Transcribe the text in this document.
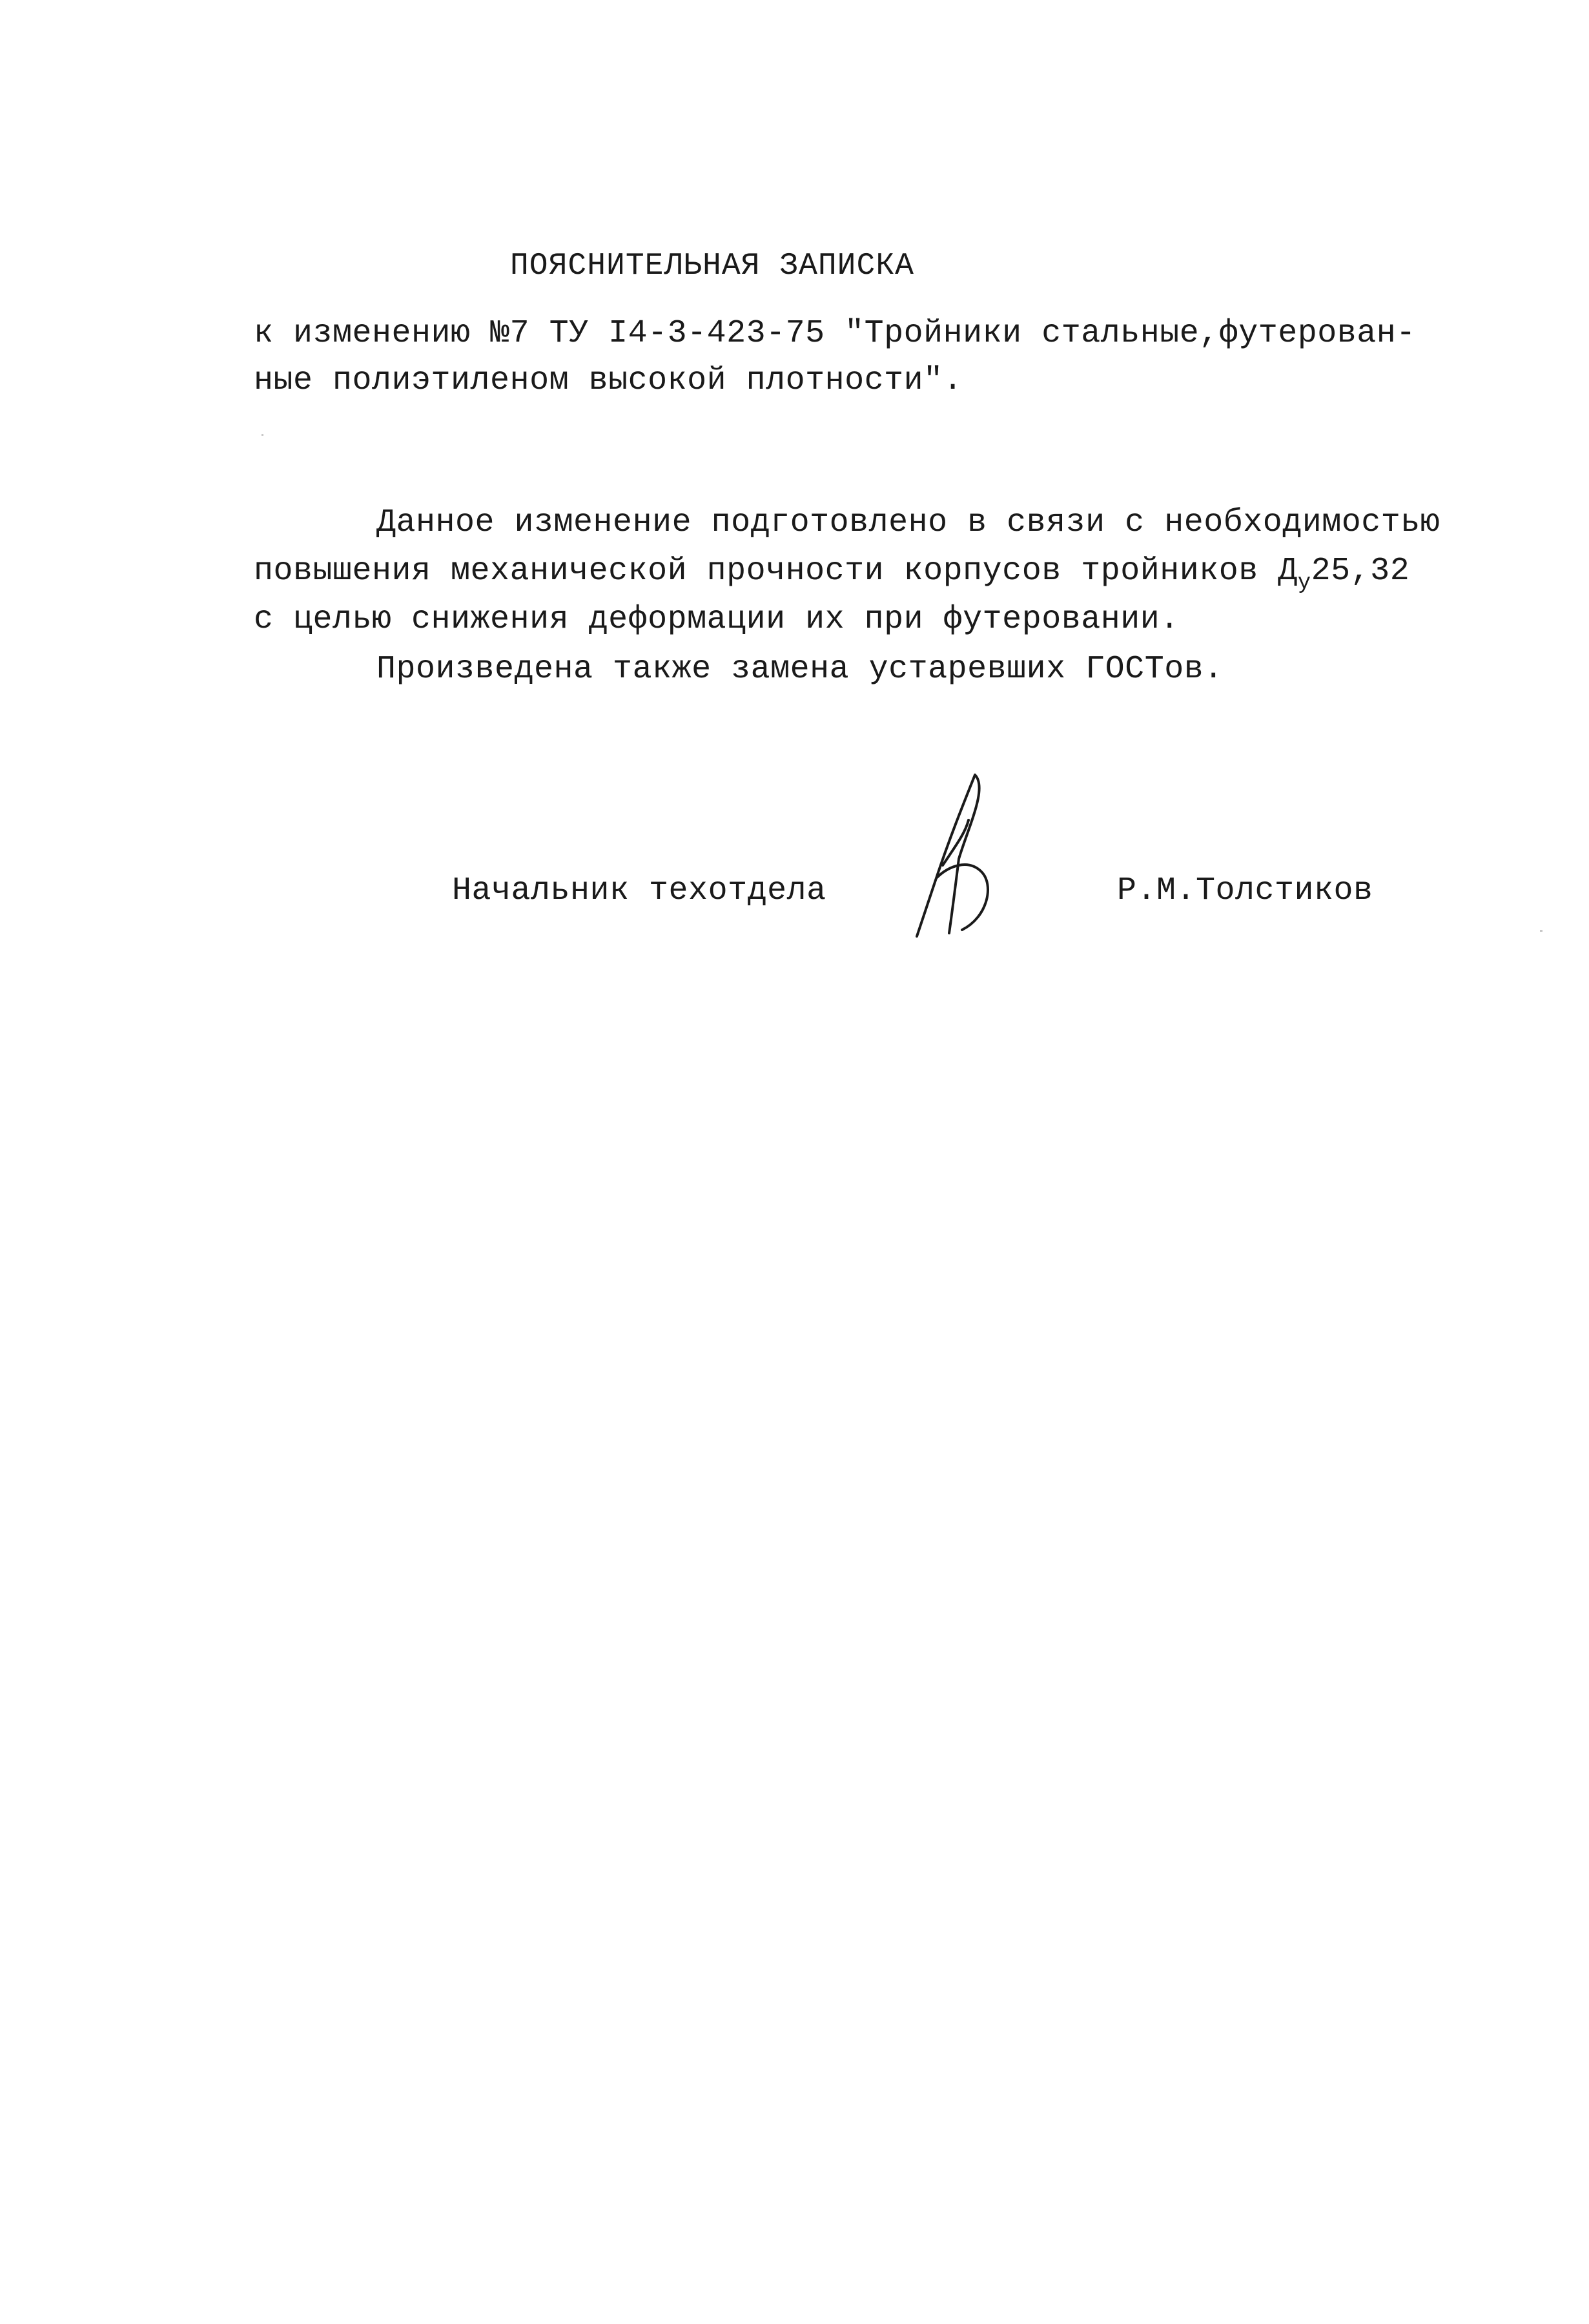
ПОЯСНИТЕЛЬНАЯ ЗАПИСКА
к изменению №7 ТУ I4-3-423-75 "Тройники стальные,футерован-
ные полиэтиленом высокой плотности".
Данное изменение подготовлено в связи с необходимостью
повышения механической прочности корпусов тройников $Д_у25,32$
с целью снижения деформации их при футеровании.
Произведена также замена устаревших ГОСТов.
Начальник техотдела	Р.М.Толстиков
